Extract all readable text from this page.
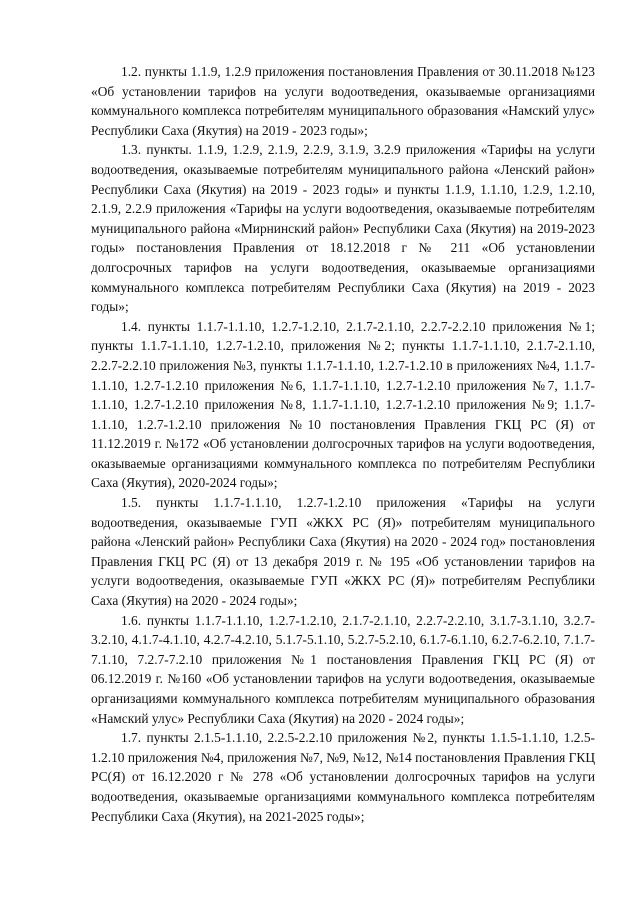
1.2. пункты 1.1.9, 1.2.9 приложения постановления Правления от 30.11.2018 №123 «Об установлении тарифов на услуги водоотведения, оказываемые организациями коммунального комплекса потребителям муниципального образования «Намский улус» Республики Саха (Якутия) на 2019 - 2023 годы»;

1.3. пункты. 1.1.9, 1.2.9, 2.1.9, 2.2.9, 3.1.9, 3.2.9 приложения «Тарифы на услуги водоотведения, оказываемые потребителям муниципального района «Ленский район» Республики Саха (Якутия) на 2019 - 2023 годы» и пункты 1.1.9, 1.1.10, 1.2.9, 1.2.10, 2.1.9, 2.2.9 приложения «Тарифы на услуги водоотведения, оказываемые потребителям муниципального района «Мирнинский район» Республики Саха (Якутия) на 2019-2023 годы» постановления Правления от 18.12.2018 г № 211 «Об установлении долгосрочных тарифов на услуги водоотведения, оказываемые организациями коммунального комплекса потребителям Республики Саха (Якутия) на 2019 - 2023 годы»;

1.4. пункты 1.1.7-1.1.10, 1.2.7-1.2.10, 2.1.7-2.1.10, 2.2.7-2.2.10 приложения №1; пункты 1.1.7-1.1.10, 1.2.7-1.2.10, приложения №2; пункты 1.1.7-1.1.10, 2.1.7-2.1.10, 2.2.7-2.2.10 приложения №3, пункты 1.1.7-1.1.10, 1.2.7-1.2.10 в приложениях №4, 1.1.7-1.1.10, 1.2.7-1.2.10 приложения №6, 1.1.7-1.1.10, 1.2.7-1.2.10 приложения №7, 1.1.7-1.1.10, 1.2.7-1.2.10 приложения №8, 1.1.7-1.1.10, 1.2.7-1.2.10 приложения №9; 1.1.7-1.1.10, 1.2.7-1.2.10 приложения №10 постановления Правления ГКЦ РС (Я) от 11.12.2019 г. №172 «Об установлении долгосрочных тарифов на услуги водоотведения, оказываемые организациями коммунального комплекса по потребителям Республики Саха (Якутия), 2020-2024 годы»;

1.5. пункты 1.1.7-1.1.10, 1.2.7-1.2.10 приложения «Тарифы на услуги водоотведения, оказываемые ГУП «ЖКХ РС (Я)» потребителям муниципального района «Ленский район» Республики Саха (Якутия) на 2020 - 2024 год» постановления Правления ГКЦ РС (Я) от 13 декабря 2019 г. № 195 «Об установлении тарифов на услуги водоотведения, оказываемые ГУП «ЖКХ РС (Я)» потребителям Республики Саха (Якутия) на 2020 - 2024 годы»;

1.6. пункты 1.1.7-1.1.10, 1.2.7-1.2.10, 2.1.7-2.1.10, 2.2.7-2.2.10, 3.1.7-3.1.10, 3.2.7-3.2.10, 4.1.7-4.1.10, 4.2.7-4.2.10, 5.1.7-5.1.10, 5.2.7-5.2.10, 6.1.7-6.1.10, 6.2.7-6.2.10, 7.1.7-7.1.10, 7.2.7-7.2.10 приложения №1 постановления Правления ГКЦ РС (Я) от 06.12.2019 г. №160 «Об установлении тарифов на услуги водоотведения, оказываемые организациями коммунального комплекса потребителям муниципального образования «Намский улус» Республики Саха (Якутия) на 2020 - 2024 годы»;

1.7. пункты 2.1.5-1.1.10, 2.2.5-2.2.10 приложения №2, пункты 1.1.5-1.1.10, 1.2.5-1.2.10 приложения №4, приложения №7, №9, №12, №14 постановления Правления ГКЦ РС(Я) от 16.12.2020 г № 278 «Об установлении долгосрочных тарифов на услуги водоотведения, оказываемые организациями коммунального комплекса потребителям Республики Саха (Якутия), на 2021-2025 годы»;
